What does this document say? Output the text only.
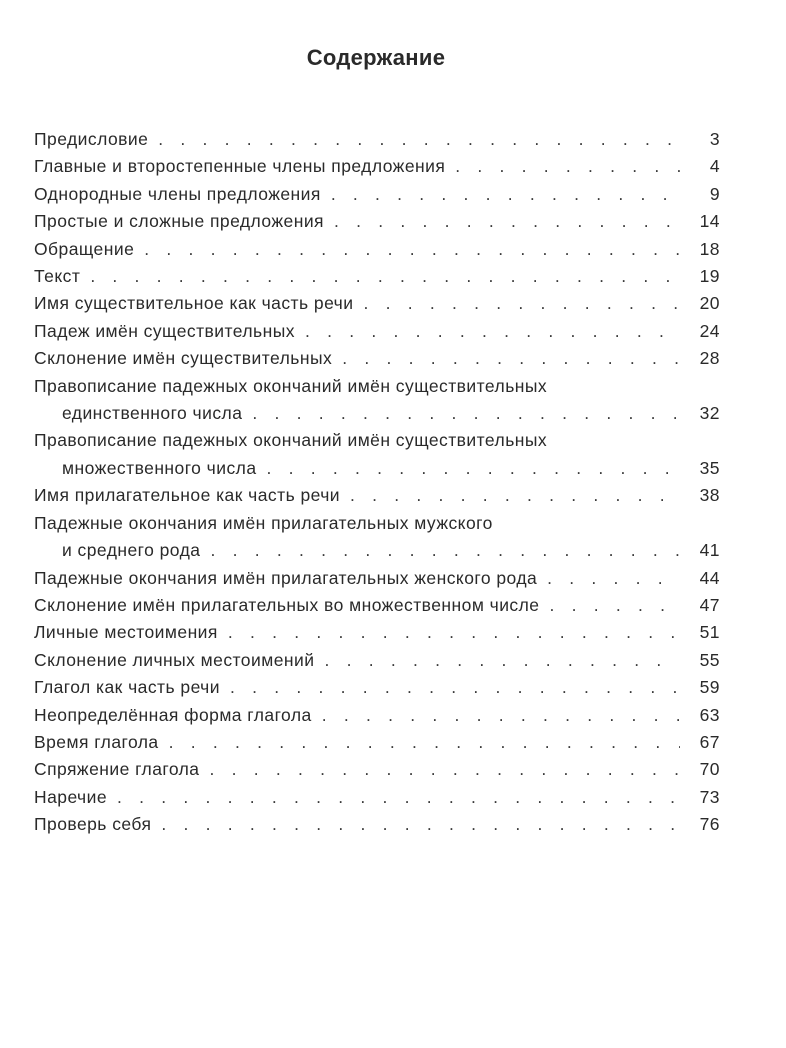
Содержание
Предисловие . . .	3
Главные и второстепенные члены предложения . . .	4
Однородные члены предложения . . .	9
Простые и сложные предложения . . .	14
Обращение . . .	18
Текст . . .	19
Имя существительное как часть речи . . .	20
Падеж имён существительных . . .	24
Склонение имён существительных . . .	28
Правописание падежных окончаний имён существительных
единственного числа . . .	32
Правописание падежных окончаний имён существительных
множественного числа . . .	35
Имя прилагательное как часть речи . . .	38
Падежные окончания имён прилагательных мужского
и среднего рода . . .	41
Падежные окончания имён прилагательных женского рода . . .	44
Склонение имён прилагательных во множественном числе . . .	47
Личные местоимения . . .	51
Склонение личных местоимений . . .	55
Глагол как часть речи . . .	59
Неопределённая форма глагола . . .	63
Время глагола . . .	67
Спряжение глагола . . .	70
Наречие . . .	73
Проверь себя . . .	76
